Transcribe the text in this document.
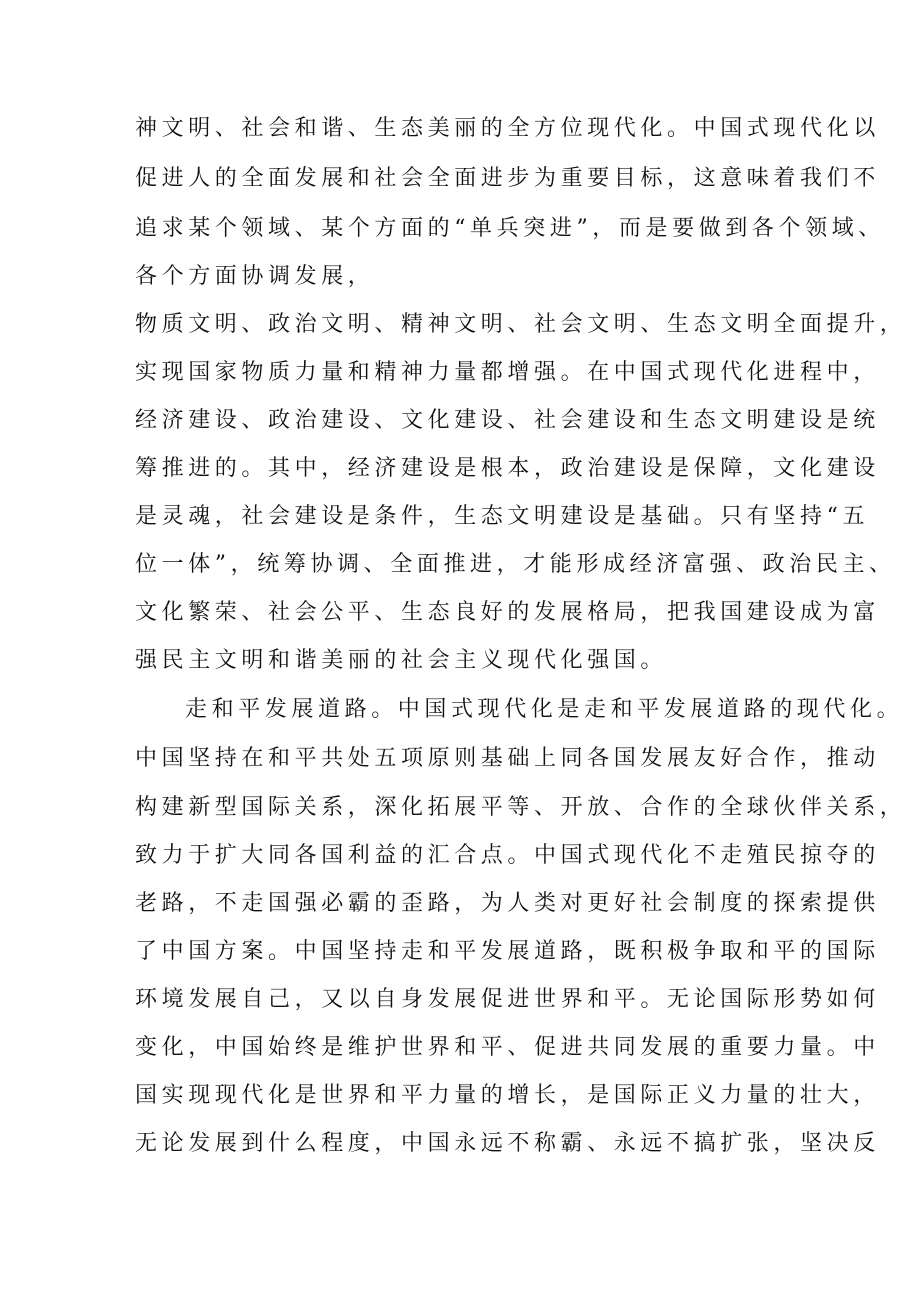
神文明、社会和谐、生态美丽的全方位现代化。中国式现代化以
促进人的全面发展和社会全面进步为重要目标，这意味着我们不
追求某个领域、某个方面的“单兵突进”，而是要做到各个领域、
各个方面协调发展，
物质文明、政治文明、精神文明、社会文明、生态文明全面提升，
实现国家物质力量和精神力量都增强。在中国式现代化进程中，
经济建设、政治建设、文化建设、社会建设和生态文明建设是统
筹推进的。其中，经济建设是根本，政治建设是保障，文化建设
是灵魂，社会建设是条件，生态文明建设是基础。只有坚持“五
位一体”，统筹协调、全面推进，才能形成经济富强、政治民主、
文化繁荣、社会公平、生态良好的发展格局，把我国建设成为富
强民主文明和谐美丽的社会主义现代化强国。
走和平发展道路。中国式现代化是走和平发展道路的现代化。
中国坚持在和平共处五项原则基础上同各国发展友好合作，推动
构建新型国际关系，深化拓展平等、开放、合作的全球伙伴关系，
致力于扩大同各国利益的汇合点。中国式现代化不走殖民掠夺的
老路，不走国强必霸的歪路，为人类对更好社会制度的探索提供
了中国方案。中国坚持走和平发展道路，既积极争取和平的国际
环境发展自己，又以自身发展促进世界和平。无论国际形势如何
变化，中国始终是维护世界和平、促进共同发展的重要力量。中
国实现现代化是世界和平力量的增长，是国际正义力量的壮大，
无论发展到什么程度，中国永远不称霸、永远不搞扩张，坚决反
